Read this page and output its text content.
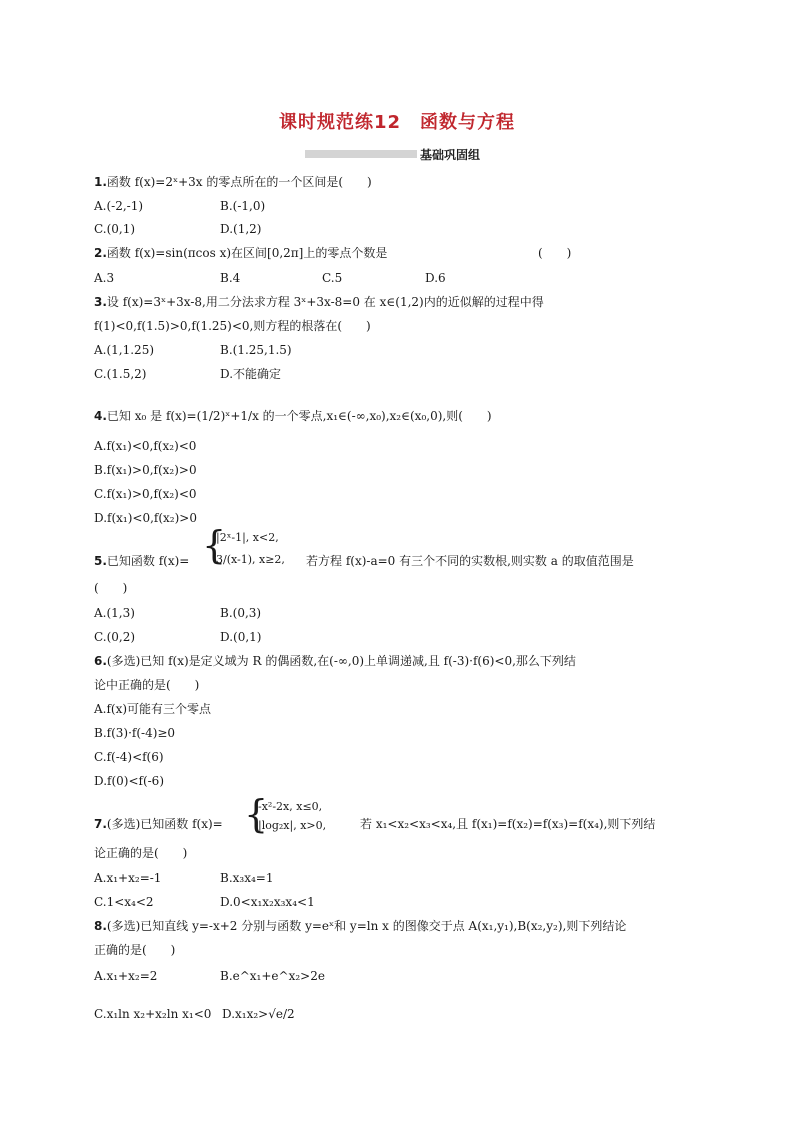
课时规范练12　函数与方程
基础巩固组
1.函数 f(x)=2ˣ+3x 的零点所在的一个区间是(　　)
A.(-2,-1)	B.(-1,0)
C.(0,1)	D.(1,2)
2.函数 f(x)=sin(πcos x)在区间[0,2π]上的零点个数是	(　　)
A.3	B.4	C.5	D.6
3.设 f(x)=3ˣ+3x-8,用二分法求方程 3ˣ+3x-8=0 在 x∈(1,2)内的近似解的过程中得
f(1)<0,f(1.5)>0,f(1.25)<0,则方程的根落在(　　)
A.(1,1.25)	B.(1.25,1.5)
C.(1.5,2)	D.不能确定
4.已知 x₀ 是 f(x)=(1/2)ˣ+1/x 的一个零点,x₁∈(-∞,x₀),x₂∈(x₀,0),则(　　)
A.f(x₁)<0,f(x₂)<0
B.f(x₁)>0,f(x₂)>0
C.f(x₁)>0,f(x₂)<0
D.f(x₁)<0,f(x₂)>0
5.已知函数 f(x)= {
|2ˣ-1|, x<2,
3/(x-1), x≥2, 若方程 f(x)-a=0 有三个不同的实数根,则实数 a 的取值范围是
(　　)
A.(1,3)	B.(0,3)
C.(0,2)	D.(0,1)
6.(多选)已知 f(x)是定义域为 R 的偶函数,在(-∞,0)上单调递减,且 f(-3)·f(6)<0,那么下列结
论中正确的是(　　)
A.f(x)可能有三个零点
B.f(3)·f(-4)≥0
C.f(-4)<f(6)
D.f(0)<f(-6)
7.(多选)已知函数 f(x)= {
-x²-2x, x≤0,
|log₂x|, x>0,	若 x₁<x₂<x₃<x₄,且 f(x₁)=f(x₂)=f(x₃)=f(x₄),则下列结
论正确的是(　　)
A.x₁+x₂=-1	B.x₃x₄=1
C.1<x₄<2	D.0<x₁x₂x₃x₄<1
8.(多选)已知直线 y=-x+2 分别与函数 y=eˣ和 y=ln x 的图像交于点 A(x₁,y₁),B(x₂,y₂),则下列结论
正确的是(　　)
A.x₁+x₂=2	B.e^x₁+e^x₂>2e
C.x₁ln x₂+x₂ln x₁<0 D.x₁x₂>√e/2
